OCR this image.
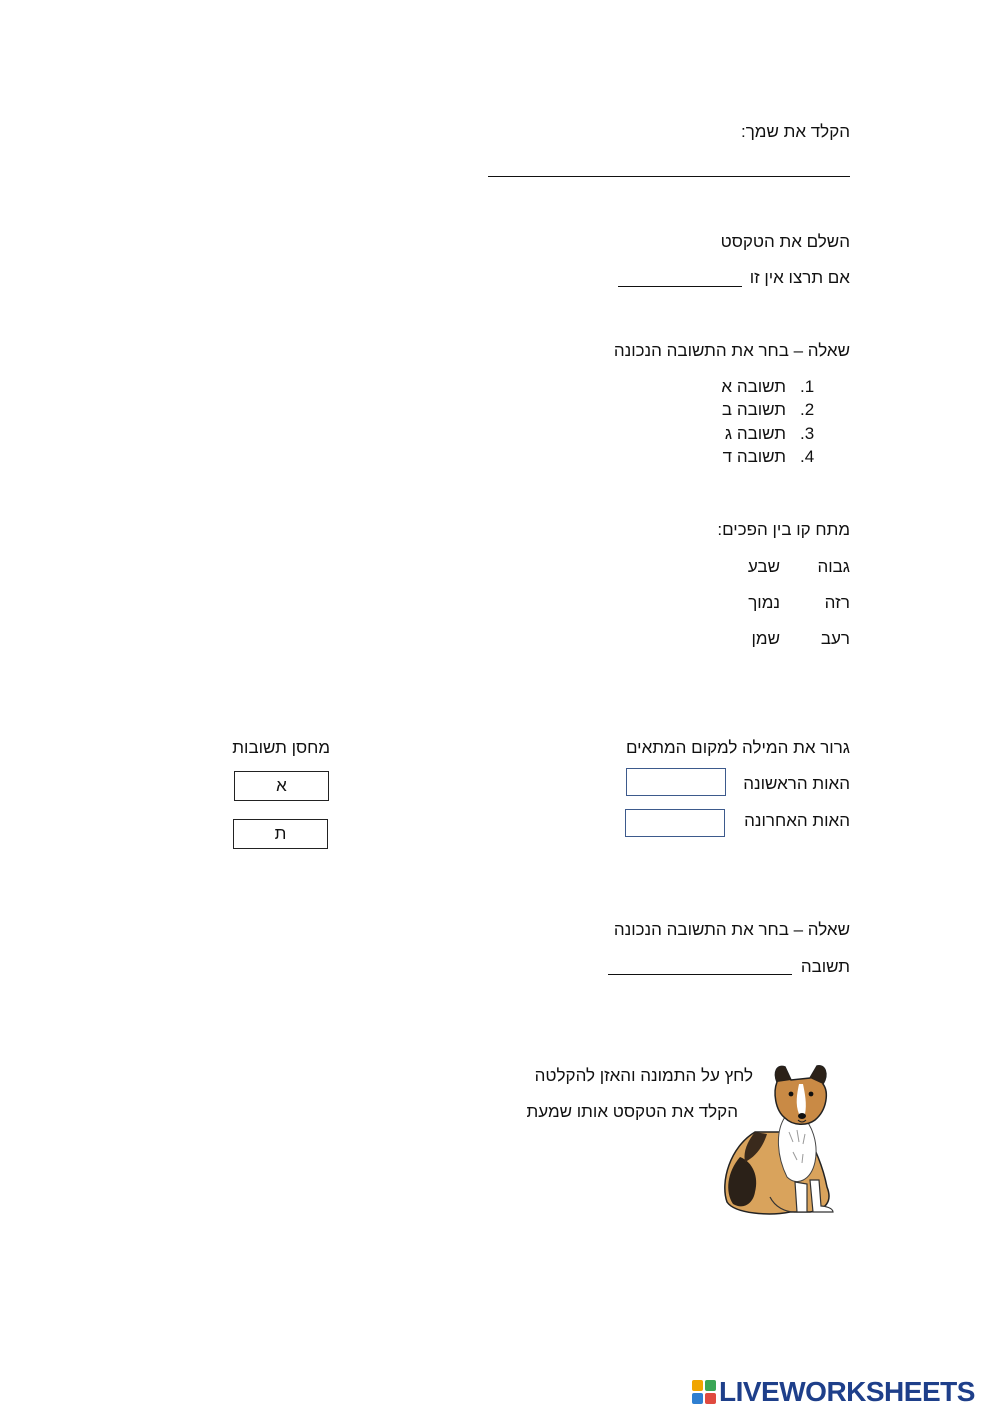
הקלד את שמך:
השלם את הטקסט
אם תרצו אין זו
שאלה – בחר את התשובה הנכונה
1.
תשובה א
2.
תשובה ב
3.
תשובה ג
4.
תשובה ד
מתח קו בין הפכים:
גבוה
שבע
רזה
נמוך
רעב
שמן
גרור את המילה למקום המתאים
האות הראשונה
האות האחרונה
מחסן תשובות
א
ת
שאלה – בחר את התשובה הנכונה
תשובה
לחץ על התמונה והאזן להקלטה
הקלד את הטקסט אותו שמעת
LIVEWORKSHEETS
